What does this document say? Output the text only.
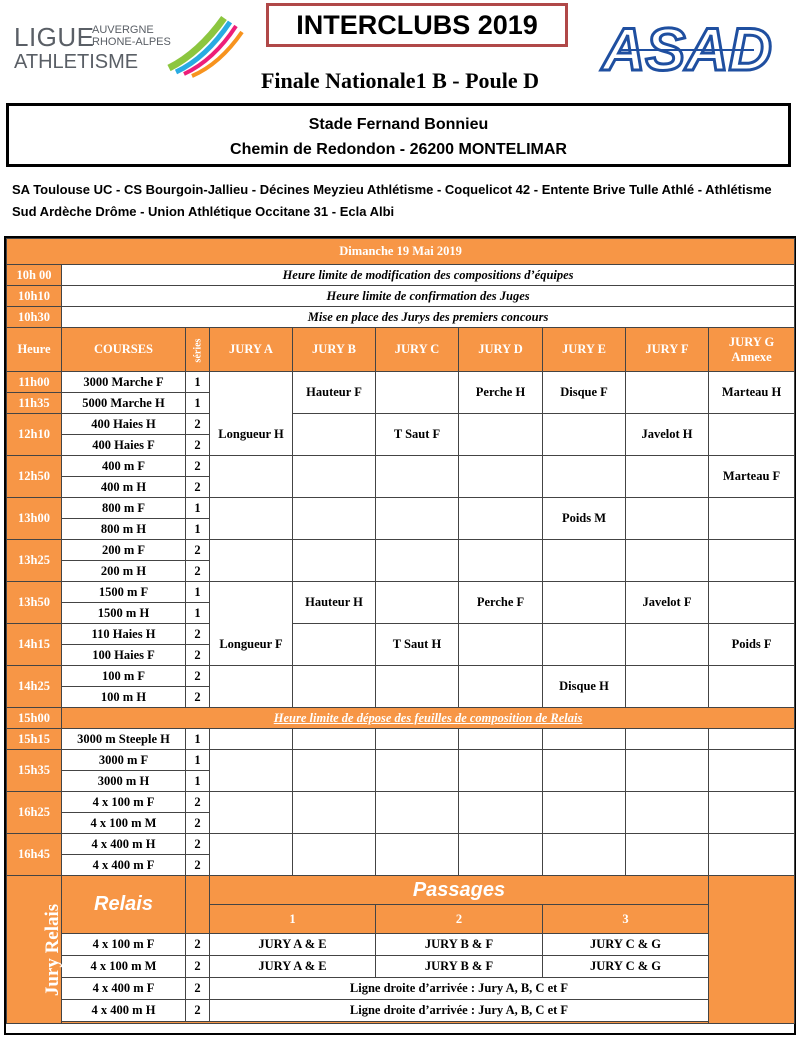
LIGUE
AUVERGNE
RHONE-ALPES
ATHLETISME
INTERCLUBS 2019
Finale Nationale1 B - Poule D	ASAD
Stade Fernand Bonnieu
Chemin de Redondon - 26200 MONTELIMAR
SA Toulouse UC - CS Bourgoin-Jallieu - Décines Meyzieu Athlétisme - Coquelicot 42 - Entente Brive Tulle Athlé - Athlétisme Sud Ardèche Drôme - Union Athlétique Occitane 31 - Ecla Albi
Dimanche 19 Mai 2019									
10h 00	Heure limite de modification des compositions d’équipes								
10h10	Heure limite de confirmation des Juges								
10h30	Mise en place des Jurys des premiers concours								
Heure	COURSES	séries	JURY A	JURY B	JURY C	JURY D	JURY E	JURY F	JURY G
Annexe
11h00	3000 Marche F	1		Hauteur F		Perche H	Disque F		Marteau H
11h35	5000 Marche H	1							
12h10	400 Haies H	2	Longueur H		T Saut F			Javelot H	
	400 Haies F	2							
12h50	400 m F	2							Marteau F
	400 m H	2							
13h00	800 m F	1					Poids M		
	800 m H	1							
13h25	200 m F	2							
	200 m H	2							
13h50	1500 m F	1		Hauteur H		Perche F		Javelot F	
	1500 m H	1							
14h15	110 Haies H	2	Longueur F		T Saut H				Poids F
	100 Haies F	2							
14h25	100 m F	2					Disque H		
	100 m H	2							
15h00	Heure limite de dépose des feuilles de composition de Relais								
15h15	3000 m Steeple H	1							
15h35	3000 m F	1							
	3000 m H	1							
16h25	4 x 100 m F	2							
	4 x 100 m M	2							
16h45	4 x 400 m H	2							
	4 x 400 m F	2							
Jury Relais	Relais		Passages						
			1		2		3		
	4 x 100 m F	2	JURY A & E		JURY B & F		JURY C & G		
	4 x 100 m M	2	JURY A & E		JURY B & F		JURY C & G		
	4 x 400 m F	2	Ligne droite d’arrivée : Jury A, B, C et F						
	4 x 400 m H	2	Ligne droite d’arrivée : Jury A, B, C et F						
